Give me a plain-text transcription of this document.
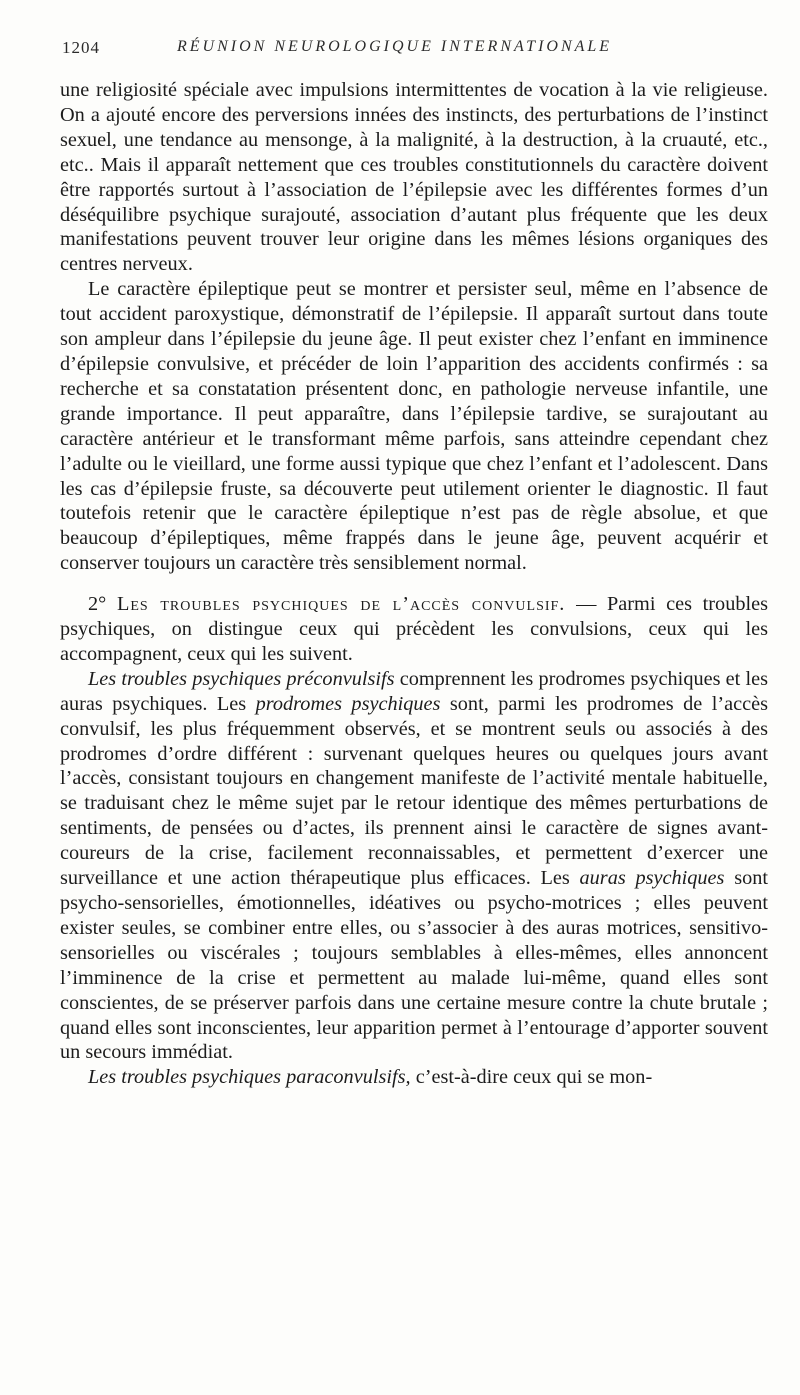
1204	RÉUNION NEUROLOGIQUE INTERNATIONALE

une religiosité spéciale avec impulsions intermittentes de vocation à la vie religieuse. On a ajouté encore des perversions innées des instincts, des perturbations de l’instinct sexuel, une tendance au mensonge, à la malignité, à la destruction, à la cruauté, etc., etc.. Mais il apparaît nettement que ces troubles constitutionnels du caractère doivent être rapportés surtout à l’association de l’épilepsie avec les différentes formes d’un déséquilibre psychique surajouté, association d’autant plus fréquente que les deux manifestations peuvent trouver leur origine dans les mêmes lésions organiques des centres nerveux.

Le caractère épileptique peut se montrer et persister seul, même en l’absence de tout accident paroxystique, démonstratif de l’épilepsie. Il apparaît surtout dans toute son ampleur dans l’épilepsie du jeune âge. Il peut exister chez l’enfant en imminence d’épilepsie convulsive, et précéder de loin l’apparition des accidents confirmés : sa recherche et sa constatation présentent donc, en pathologie nerveuse infantile, une grande importance. Il peut apparaître, dans l’épilepsie tardive, se surajoutant au caractère antérieur et le transformant même parfois, sans atteindre cependant chez l’adulte ou le vieillard, une forme aussi typique que chez l’enfant et l’adolescent. Dans les cas d’épilepsie fruste, sa découverte peut utilement orienter le diagnostic. Il faut toutefois retenir que le caractère épileptique n’est pas de règle absolue, et que beaucoup d’épileptiques, même frappés dans le jeune âge, peuvent acquérir et conserver toujours un caractère très sensiblement normal.

2° Les troubles psychiques de l’accès convulsif. — Parmi ces troubles psychiques, on distingue ceux qui précèdent les convulsions, ceux qui les accompagnent, ceux qui les suivent.

Les troubles psychiques préconvulsifs comprennent les prodromes psychiques et les auras psychiques. Les prodromes psychiques sont, parmi les prodromes de l’accès convulsif, les plus fréquemment observés, et se montrent seuls ou associés à des prodromes d’ordre différent : survenant quelques heures ou quelques jours avant l’accès, consistant toujours en changement manifeste de l’activité mentale habituelle, se traduisant chez le même sujet par le retour identique des mêmes perturbations de sentiments, de pensées ou d’actes, ils prennent ainsi le caractère de signes avant-coureurs de la crise, facilement reconnaissables, et permettent d’exercer une surveillance et une action thérapeutique plus efficaces. Les auras psychiques sont psycho-sensorielles, émotionnelles, idéatives ou psycho-motrices ; elles peuvent exister seules, se combiner entre elles, ou s’associer à des auras motrices, sensitivo-sensorielles ou viscérales ; toujours semblables à elles-mêmes, elles annoncent l’imminence de la crise et permettent au malade lui-même, quand elles sont conscientes, de se préserver parfois dans une certaine mesure contre la chute brutale ; quand elles sont inconscientes, leur apparition permet à l’entourage d’apporter souvent un secours immédiat.

Les troubles psychiques paraconvulsifs, c’est-à-dire ceux qui se mon-
